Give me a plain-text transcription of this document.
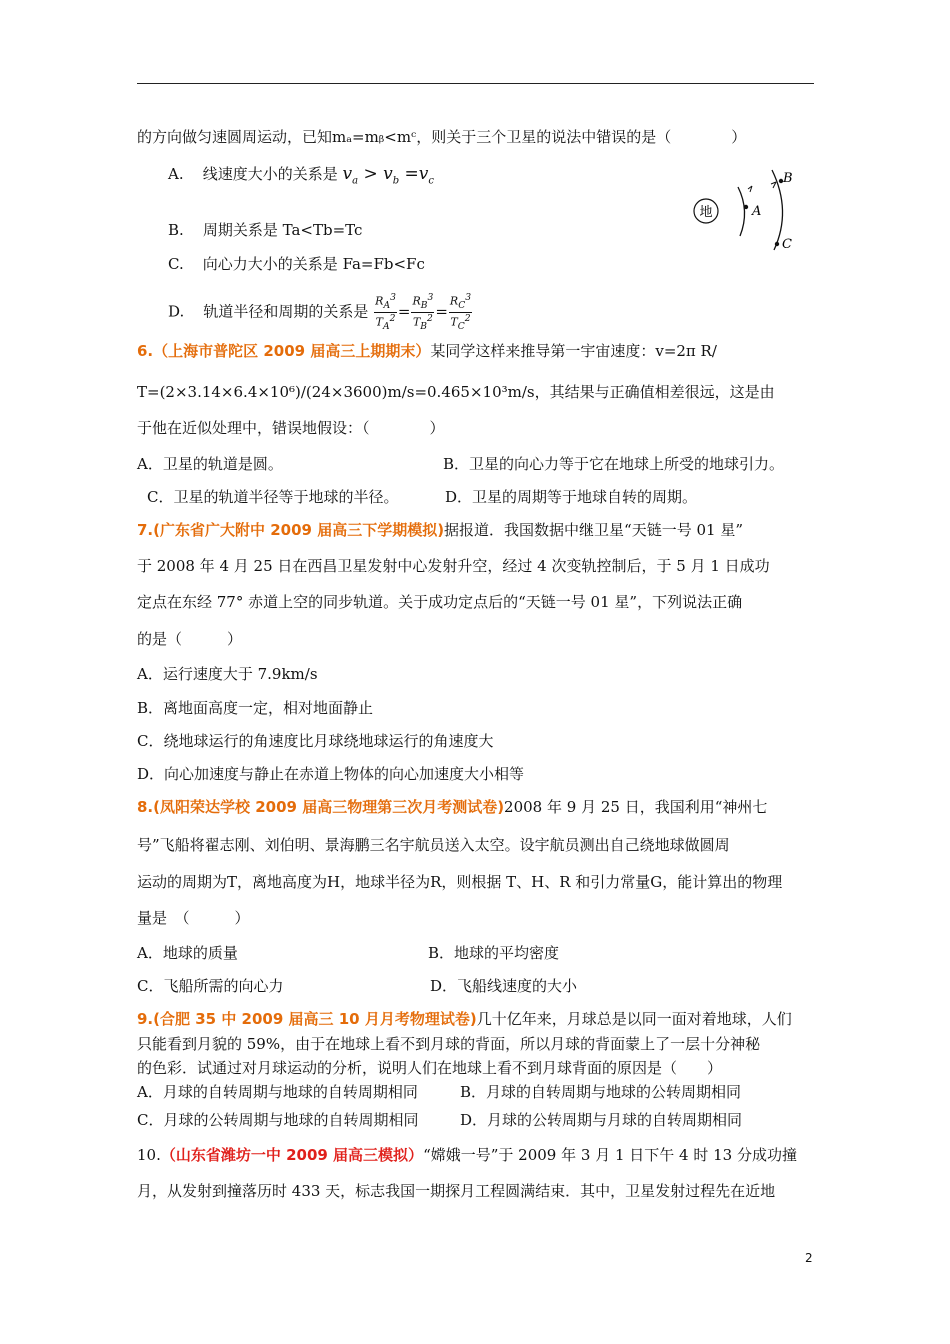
的方向做匀速圆周运动，已知mₐ=mᵦ<mᶜ，则关于三个卫星的说法中错误的是（　　　　）
A. 线速度大小的关系是 $v_a > v_b =v_c$
B. 周期关系是 Ta<Tb=Tc
C. 向心力大小的关系是 Fa=Fb<Fc
D. 轨道半径和周期的关系是 $\frac{R_A^3}{T_A^2} = \frac{R_B^3}{T_B^2} = \frac{R_C^3}{T_C^2}$
地	A
B
C
6.（上海市普陀区 2009 届高三上期期末）某同学这样来推导第一宇宙速度：v=2π R/
T=(2×3.14×6.4×10⁶)/(24×3600)m/s=0.465×10³m/s，其结果与正确值相差很远，这是由
于他在近似处理中，错误地假设：（　　　　）
A．卫星的轨道是圆。	B．卫星的向心力等于它在地球上所受的地球引力。
C．卫星的轨道半径等于地球的半径。	D．卫星的周期等于地球自转的周期。
7.(广东省广大附中 2009 届高三下学期模拟)据报道．我国数据中继卫星“天链一号 01 星”
于 2008 年 4 月 25 日在西昌卫星发射中心发射升空，经过 4 次变轨控制后，于 5 月 1 日成功
定点在东经 77° 赤道上空的同步轨道。关于成功定点后的“天链一号 01 星”，下列说法正确
的是（　　　）
A．运行速度大于 7.9km/s
B．离地面高度一定，相对地面静止
C．绕地球运行的角速度比月球绕地球运行的角速度大
D．向心加速度与静止在赤道上物体的向心加速度大小相等
8.(凤阳荣达学校 2009 届高三物理第三次月考测试卷)2008 年 9 月 25 日，我国利用“神州七
号”飞船将翟志刚、刘伯明、景海鹏三名宇航员送入太空。设宇航员测出自己绕地球做圆周
运动的周期为T，离地高度为H，地球半径为R，则根据 T、H、R 和引力常量G，能计算出的物理
量是　（　　　）
A．地球的质量	B．地球的平均密度
C．飞船所需的向心力	D．飞船线速度的大小
9.(合肥 35 中 2009 届高三 10 月月考物理试卷)几十亿年来，月球总是以同一面对着地球，人们
只能看到月貌的 59%，由于在地球上看不到月球的背面，所以月球的背面蒙上了一层十分神秘
的色彩．试通过对月球运动的分析，说明人们在地球上看不到月球背面的原因是（　　）
A．月球的自转周期与地球的自转周期相同	B．月球的自转周期与地球的公转周期相同
C．月球的公转周期与地球的自转周期相同	D．月球的公转周期与月球的自转周期相同
10.（山东省潍坊一中 2009 届高三模拟）“嫦娥一号”于 2009 年 3 月 1 日下午 4 时 13 分成功撞
月，从发射到撞落历时 433 天，标志我国一期探月工程圆满结束．其中，卫星发射过程先在近地
2
